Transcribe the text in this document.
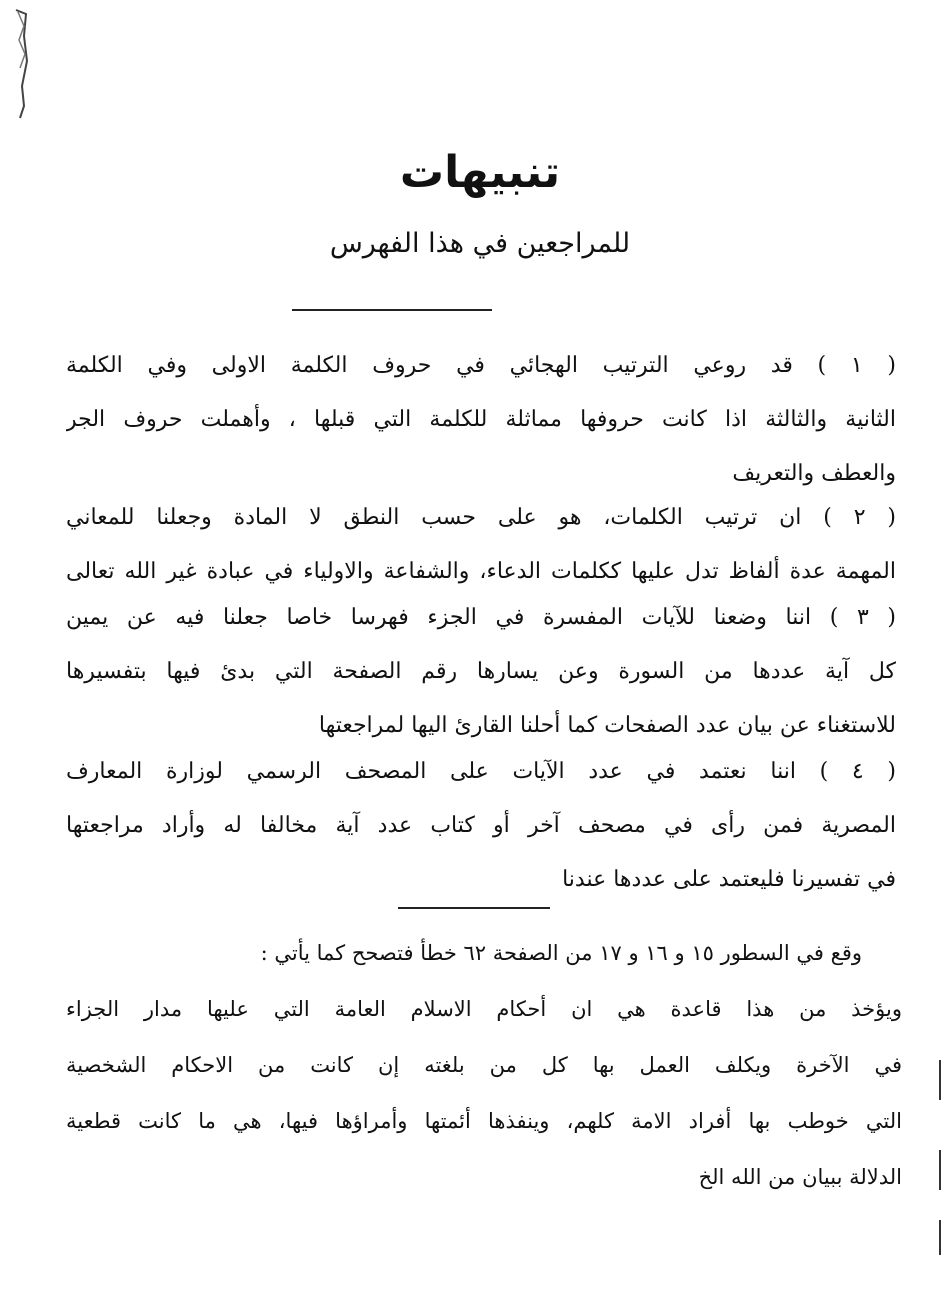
تنبيهات
للمراجعين في هذا الفهرس
( ١ ) قد روعي الترتيب الهجائي في حروف الكلمة الاولى وفي الكلمة
الثانية والثالثة اذا كانت حروفها مماثلة للكلمة التي قبلها ، وأهملت حروف الجر
والعطف والتعريف
( ٢ ) ان ترتيب الكلمات، هو على حسب النطق لا المادة وجعلنا للمعاني
المهمة عدة ألفاظ تدل عليها ككلمات الدعاء، والشفاعة والاولياء في عبادة غير الله تعالى
( ٣ ) اننا وضعنا للآيات المفسرة في الجزء فهرسا خاصا جعلنا فيه عن يمين
كل آية عددها من السورة وعن يسارها رقم الصفحة التي بدئ فيها بتفسيرها
للاستغناء عن بيان عدد الصفحات كما أحلنا القارئ اليها لمراجعتها
( ٤ ) اننا نعتمد في عدد الآيات على المصحف الرسمي لوزارة المعارف
المصرية فمن رأى في مصحف آخر أو كتاب عدد آية مخالفا له وأراد مراجعتها
في تفسيرنا فليعتمد على عددها عندنا
وقع في السطور ١٥ و ١٦ و ١٧ من الصفحة ٦٢ خطأ فتصحح كما يأتي :
ويؤخذ من هذا قاعدة هي ان أحكام الاسلام العامة التي عليها مدار الجزاء
في الآخرة ويكلف العمل بها كل من بلغته إن كانت من الاحكام الشخصية
التي خوطب بها أفراد الامة كلهم، وينفذها أئمتها وأمراؤها فيها، هي ما كانت قطعية
الدلالة ببيان من الله الخ
